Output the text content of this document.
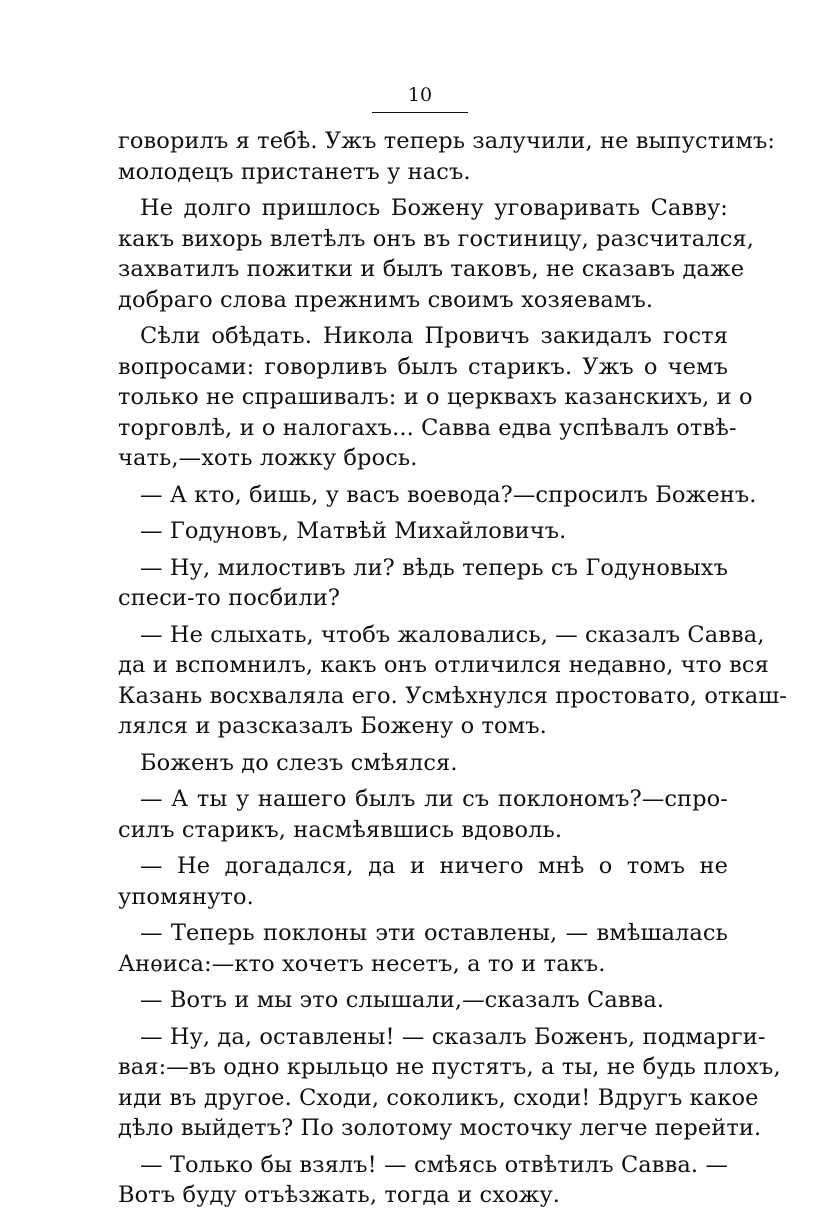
10

говорилъ я тебѣ. Ужъ теперь залучили, не выпустимъ:
молодецъ пристанетъ у насъ.

Не долго пришлось Божену уговаривать Савву:
какъ вихорь влетѣлъ онъ въ гостиницу, разсчитался,
захватилъ пожитки и былъ таковъ, не сказавъ даже
добраго слова прежнимъ своимъ хозяевамъ.

Сѣли обѣдать. Никола Провичъ закидалъ гостя
вопросами: говорливъ былъ старикъ. Ужъ о чемъ
только не спрашивалъ: и о церквахъ казанскихъ, и о
торговлѣ, и о налогахъ... Савва едва успѣвалъ отвѣ-
чать,—хоть ложку брось.

— А кто, бишь, у васъ воевода?—спросилъ Боженъ.

— Годуновъ, Матвѣй Михайловичъ.

— Ну, милостивъ ли? вѣдь теперь съ Годуновыхъ
спеси-то посбили?

— Не слыхать, чтобъ жаловались, — сказалъ Савва,
да и вспомнилъ, какъ онъ отличился недавно, что вся
Казань восхваляла его. Усмѣхнулся простовато, откаш-
лялся и разсказалъ Божену о томъ.

Боженъ до слезъ смѣялся.

— А ты у нашего былъ ли съ поклономъ?—спро-
силъ старикъ, насмѣявшись вдоволь.

— Не догадался, да и ничего мнѣ о томъ не
упомянуто.

— Теперь поклоны эти оставлены, — вмѣшалась
Анѳиса:—кто хочетъ несетъ, а то и такъ.

— Вотъ и мы это слышали,—сказалъ Савва.

— Ну, да, оставлены! — сказалъ Боженъ, подмарги-
вая:—въ одно крыльцо не пустятъ, а ты, не будь плохъ,
иди въ другое. Сходи, соколикъ, сходи! Вдругъ какое
дѣло выйдетъ? По золотому мосточку легче перейти.

— Только бы взялъ! — смѣясь отвѣтилъ Савва. —
Вотъ буду отъѣзжать, тогда и схожу.
